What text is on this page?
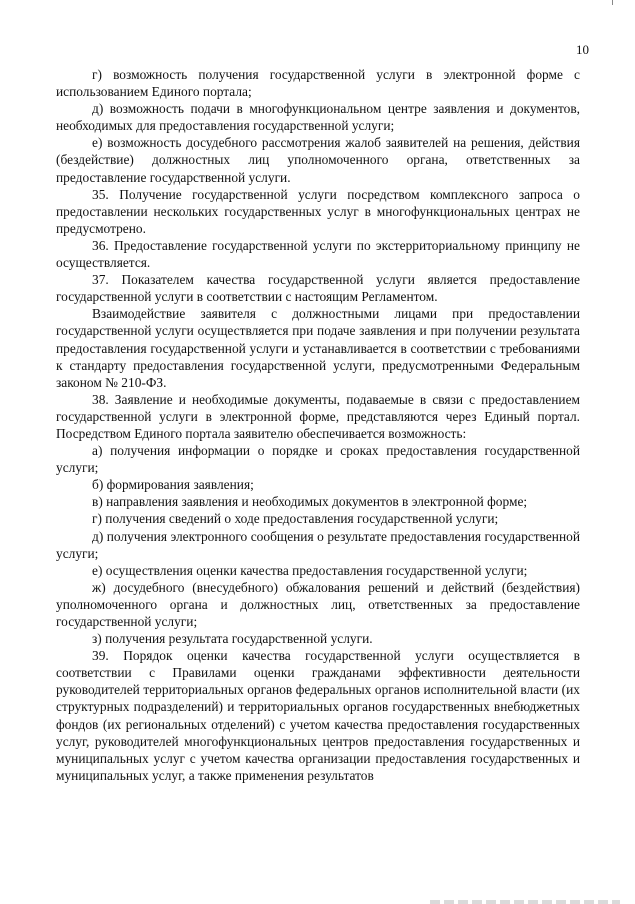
10

г) возможность получения государственной услуги в электронной форме с использованием Единого портала;

д) возможность подачи в многофункциональном центре заявления и документов, необходимых для предоставления государственной услуги;

е) возможность досудебного рассмотрения жалоб заявителей на решения, действия (бездействие) должностных лиц уполномоченного органа, ответственных за предоставление государственной услуги.

35. Получение государственной услуги посредством комплексного запроса о предоставлении нескольких государственных услуг в многофункциональных центрах не предусмотрено.

36. Предоставление государственной услуги по экстерриториальному принципу не осуществляется.

37. Показателем качества государственной услуги является предоставление государственной услуги в соответствии с настоящим Регламентом.

Взаимодействие заявителя с должностными лицами при предоставлении государственной услуги осуществляется при подаче заявления и при получении результата предоставления государственной услуги и устанавливается в соответствии с требованиями к стандарту предоставления государственной услуги, предусмотренными Федеральным законом № 210-ФЗ.

38. Заявление и необходимые документы, подаваемые в связи с предоставлением государственной услуги в электронной форме, представляются через Единый портал. Посредством Единого портала заявителю обеспечивается возможность:

а) получения информации о порядке и сроках предоставления государственной услуги;

б) формирования заявления;

в) направления заявления и необходимых документов в электронной форме;

г) получения сведений о ходе предоставления государственной услуги;

д) получения электронного сообщения о результате предоставления государственной услуги;

е) осуществления оценки качества предоставления государственной услуги;

ж) досудебного (внесудебного) обжалования решений и действий (бездействия) уполномоченного органа и должностных лиц, ответственных за предоставление государственной услуги;

з) получения результата государственной услуги.

39. Порядок оценки качества государственной услуги осуществляется в соответствии с Правилами оценки гражданами эффективности деятельности руководителей территориальных органов федеральных органов исполнительной власти (их структурных подразделений) и территориальных органов государственных внебюджетных фондов (их региональных отделений) с учетом качества предоставления государственных услуг, руководителей многофункциональных центров предоставления государственных и муниципальных услуг с учетом качества организации предоставления государственных и муниципальных услуг, а также применения результатов
